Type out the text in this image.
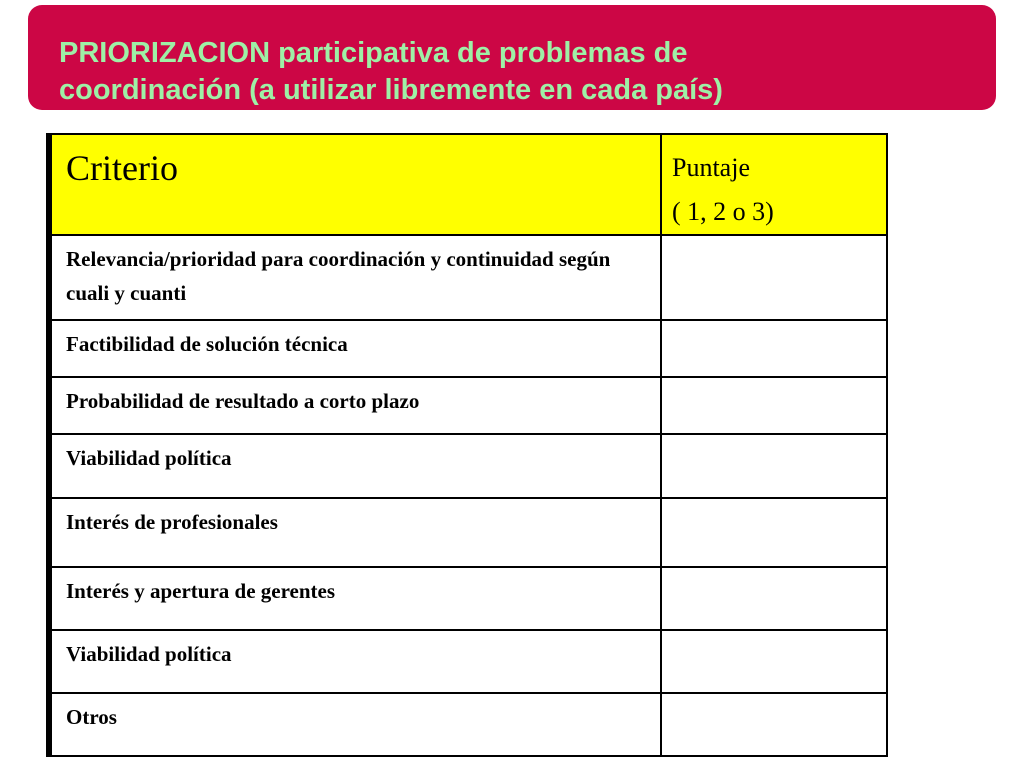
PRIORIZACION participativa de problemas de
coordinación (a utilizar libremente en cada país)
Criterio	Puntaje
( 1, 2 o 3)

Relevancia/prioridad para coordinación y continuidad según cuali y cuanti	

Factibilidad de solución técnica	

Probabilidad de resultado a corto plazo	

Viabilidad política	

Interés de profesionales	

Interés y apertura de gerentes	

Viabilidad política	

Otros	
